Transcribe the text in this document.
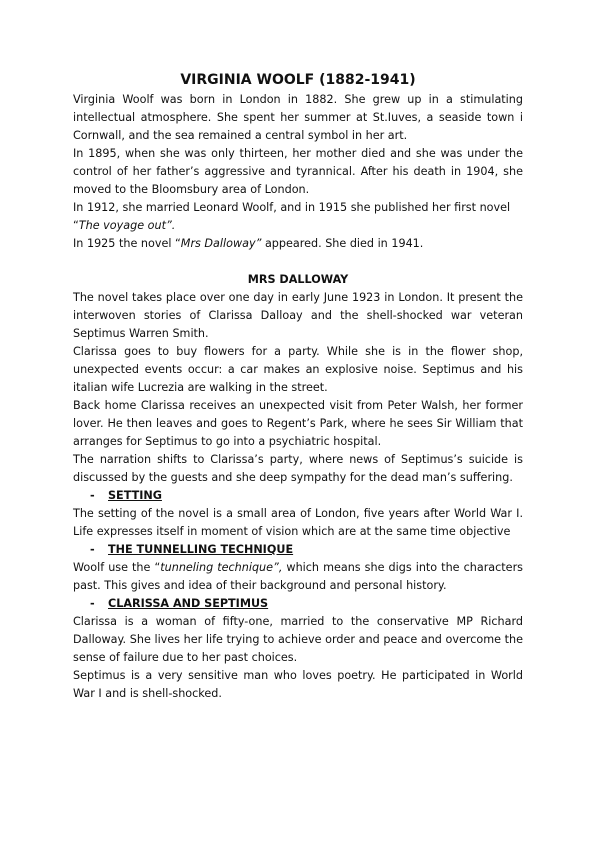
VIRGINIA WOOLF (1882-1941)

Virginia Woolf was born in London in 1882. She grew up in a stimulating intellectual atmosphere. She spent her summer at St.Iuves, a seaside town i Cornwall, and the sea remained a central symbol in her art.

In 1895, when she was only thirteen, her mother died and she was under the control of her father’s aggressive and tyrannical. After his death in 1904, she moved to the Bloomsbury area of London.

In 1912, she married Leonard Woolf, and in 1915 she published her first novel “The voyage out”.

In 1925 the novel “Mrs Dalloway” appeared. She died in 1941.

MRS DALLOWAY

The novel takes place over one day in early June 1923 in London. It present the interwoven stories of Clarissa Dalloay and the shell-shocked war veteran Septimus Warren Smith.

Clarissa goes to buy flowers for a party. While she is in the flower shop, unexpected events occur: a car makes an explosive noise. Septimus and his italian wife Lucrezia are walking in the street.

Back home Clarissa receives an unexpected visit from Peter Walsh, her former lover. He then leaves and goes to Regent’s Park, where he sees Sir William that arranges for Septimus to go into a psychiatric hospital.

The narration shifts to Clarissa’s party, where news of Septimus’s suicide is discussed by the guests and she deep sympathy for the dead man’s suffering.

- SETTING

The setting of the novel is a small area of London, five years after World War I. Life expresses itself in moment of vision which are at the same time objective

- THE TUNNELLING TECHNIQUE

Woolf use the “tunneling technique”, which means she digs into the characters past. This gives and idea of their background and personal history.

- CLARISSA AND SEPTIMUS

Clarissa is a woman of fifty-one, married to the conservative MP Richard Dalloway. She lives her life trying to achieve order and peace and overcome the sense of failure due to her past choices.

Septimus is a very sensitive man who loves poetry. He participated in World War I and is shell-shocked.
